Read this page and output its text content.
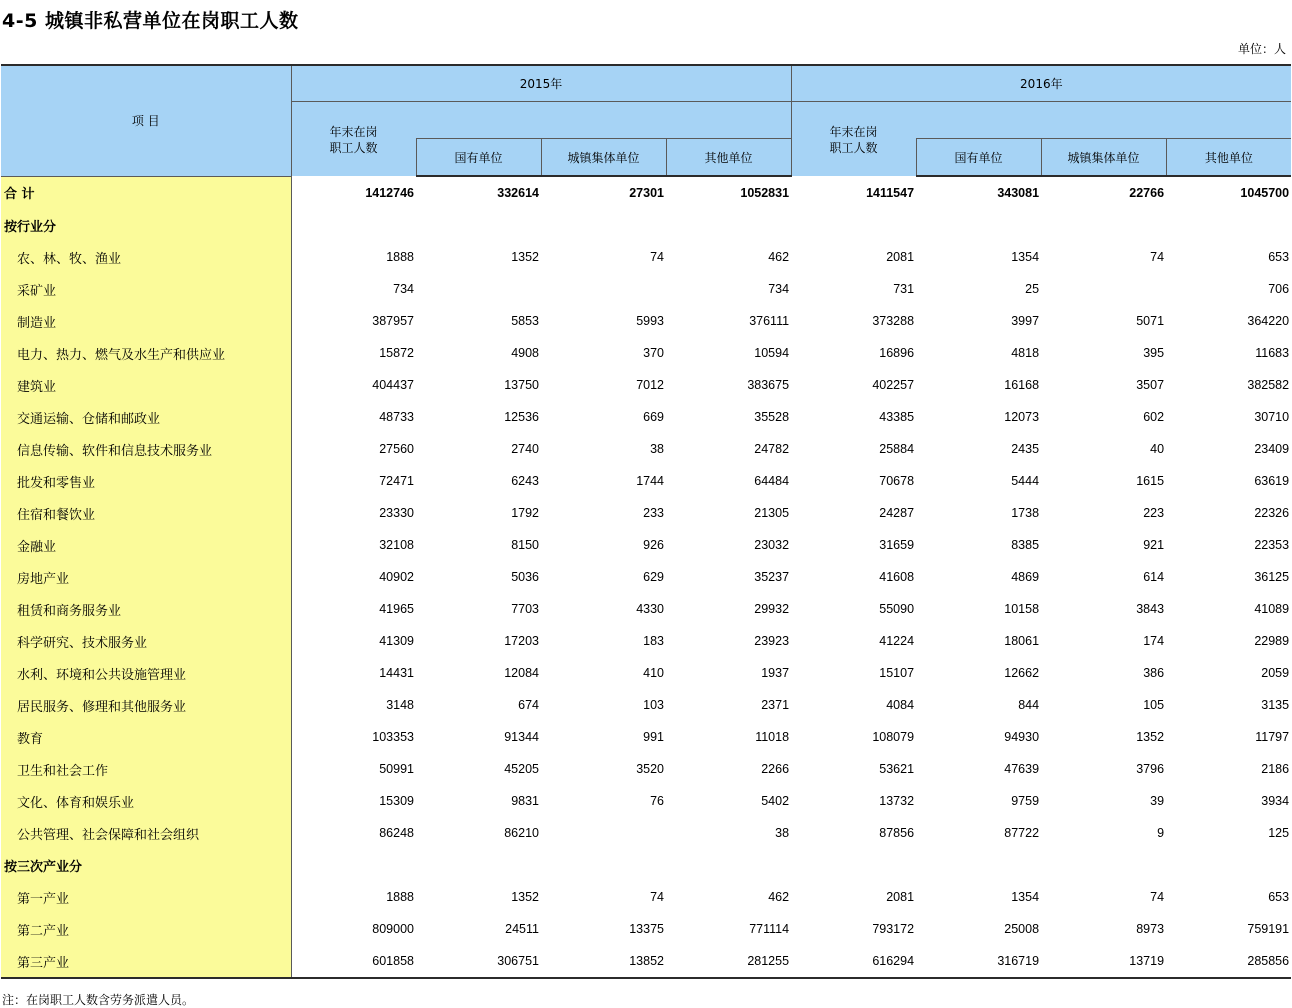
4-5 城镇非私营单位在岗职工人数
单位：人
项 目	2015年				2016年			
	年末在岗
职工人数				年末在岗
职工人数		

		国有单位	城镇集体单位	其他单位		国有单位	城镇集体单位	其他单位
合 计	1412746	332614	27301	1052831	1411547	343081	22766	1045700
按行业分								
农、林、牧、渔业	1888	1352	74	462	2081	1354	74	653
采矿业	734			734	731	25		706
制造业	387957	5853	5993	376111	373288	3997	5071	364220
电力、热力、燃气及水生产和供应业	15872	4908	370	10594	16896	4818	395	11683
建筑业	404437	13750	7012	383675	402257	16168	3507	382582
交通运输、仓储和邮政业	48733	12536	669	35528	43385	12073	602	30710
信息传输、软件和信息技术服务业	27560	2740	38	24782	25884	2435	40	23409
批发和零售业	72471	6243	1744	64484	70678	5444	1615	63619
住宿和餐饮业	23330	1792	233	21305	24287	1738	223	22326
金融业	32108	8150	926	23032	31659	8385	921	22353
房地产业	40902	5036	629	35237	41608	4869	614	36125
租赁和商务服务业	41965	7703	4330	29932	55090	10158	3843	41089
科学研究、技术服务业	41309	17203	183	23923	41224	18061	174	22989
水利、环境和公共设施管理业	14431	12084	410	1937	15107	12662	386	2059
居民服务、修理和其他服务业	3148	674	103	2371	4084	844	105	3135
教育	103353	91344	991	11018	108079	94930	1352	11797
卫生和社会工作	50991	45205	3520	2266	53621	47639	3796	2186
文化、体育和娱乐业	15309	9831	76	5402	13732	9759	39	3934
公共管理、社会保障和社会组织	86248	86210		38	87856	87722	9	125
按三次产业分								
第一产业	1888	1352	74	462	2081	1354	74	653
第二产业	809000	24511	13375	771114	793172	25008	8973	759191
第三产业	601858	306751	13852	281255	616294	316719	13719	285856
注：在岗职工人数含劳务派遣人员。
